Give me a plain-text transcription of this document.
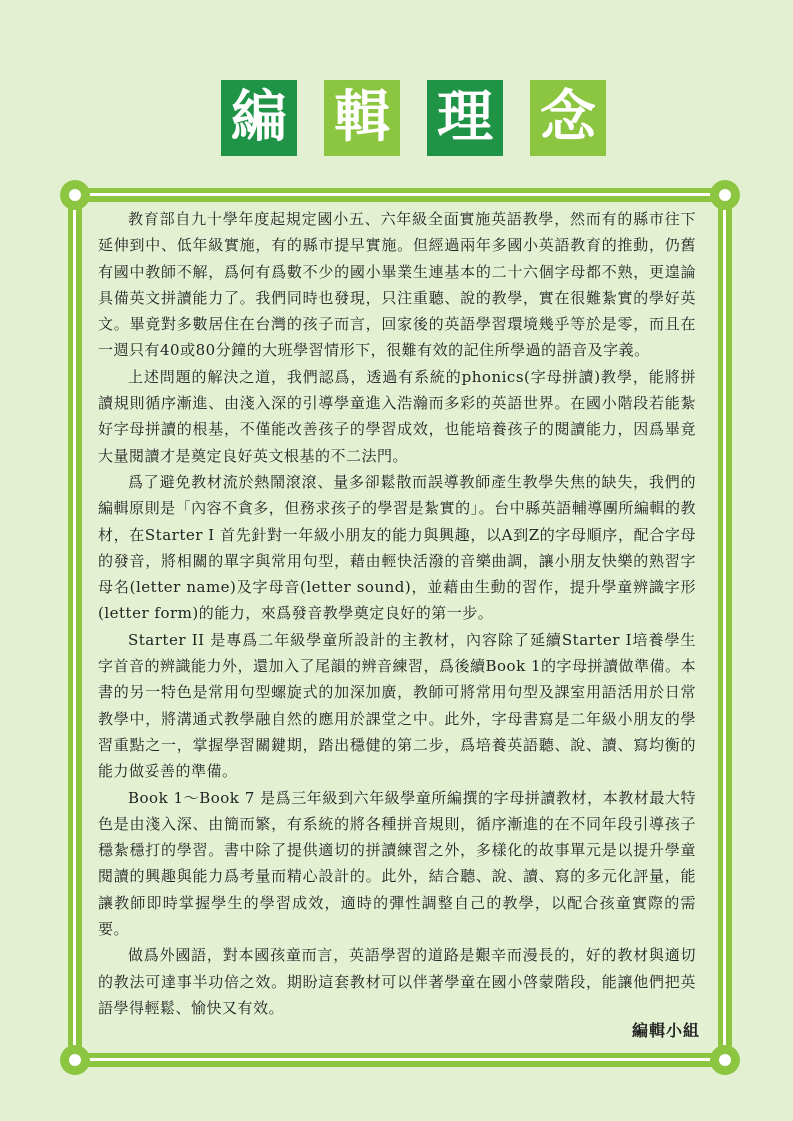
編 輯 理 念

教育部自九十學年度起規定國小五、六年級全面實施英語教學，然而有的縣市往下延伸到中、低年級實施，有的縣市提早實施。但經過兩年多國小英語教育的推動，仍舊有國中教師不解，爲何有爲數不少的國小畢業生連基本的二十六個字母都不熟，更遑論具備英文拼讀能力了。我們同時也發現，只注重聽、說的教學，實在很難紮實的學好英文。畢竟對多數居住在台灣的孩子而言，回家後的英語學習環境幾乎等於是零，而且在一週只有40或80分鐘的大班學習情形下，很難有效的記住所學過的語音及字義。

上述問題的解決之道，我們認爲，透過有系統的phonics(字母拼讀)教學，能將拼讀規則循序漸進、由淺入深的引導學童進入浩瀚而多彩的英語世界。在國小階段若能紮好字母拼讀的根基，不僅能改善孩子的學習成效，也能培養孩子的閱讀能力，因爲畢竟大量閱讀才是奠定良好英文根基的不二法門。

爲了避免教材流於熱鬧滾滾、量多卻鬆散而誤導教師產生教學失焦的缺失，我們的編輯原則是「內容不貪多，但務求孩子的學習是紮實的」。台中縣英語輔導團所編輯的教材，在Starter I 首先針對一年級小朋友的能力與興趣，以A到Z的字母順序，配合字母的發音，將相關的單字與常用句型，藉由輕快活潑的音樂曲調，讓小朋友快樂的熟習字母名(letter name)及字母音(letter sound)，並藉由生動的習作，提升學童辨識字形(letter form)的能力，來爲發音教學奠定良好的第一步。

Starter II 是專爲二年級學童所設計的主教材，內容除了延續Starter I培養學生字首音的辨識能力外，還加入了尾韻的辨音練習，爲後續Book 1的字母拼讀做準備。本書的另一特色是常用句型螺旋式的加深加廣，教師可將常用句型及課室用語活用於日常教學中，將溝通式教學融自然的應用於課堂之中。此外，字母書寫是二年級小朋友的學習重點之一，掌握學習關鍵期，踏出穩健的第二步，爲培養英語聽、說、讀、寫均衡的能力做妥善的準備。

Book 1～Book 7 是爲三年級到六年級學童所編撰的字母拼讀教材，本教材最大特色是由淺入深、由簡而繁，有系統的將各種拼音規則，循序漸進的在不同年段引導孩子穩紮穩打的學習。書中除了提供適切的拼讀練習之外，多樣化的故事單元是以提升學童閱讀的興趣與能力爲考量而精心設計的。此外，結合聽、說、讀、寫的多元化評量，能讓教師即時掌握學生的學習成效，適時的彈性調整自己的教學，以配合孩童實際的需要。

做爲外國語，對本國孩童而言，英語學習的道路是艱辛而漫長的，好的教材與適切的教法可達事半功倍之效。期盼這套教材可以伴著學童在國小啓蒙階段，能讓他們把英語學得輕鬆、愉快又有效。

編輯小組
